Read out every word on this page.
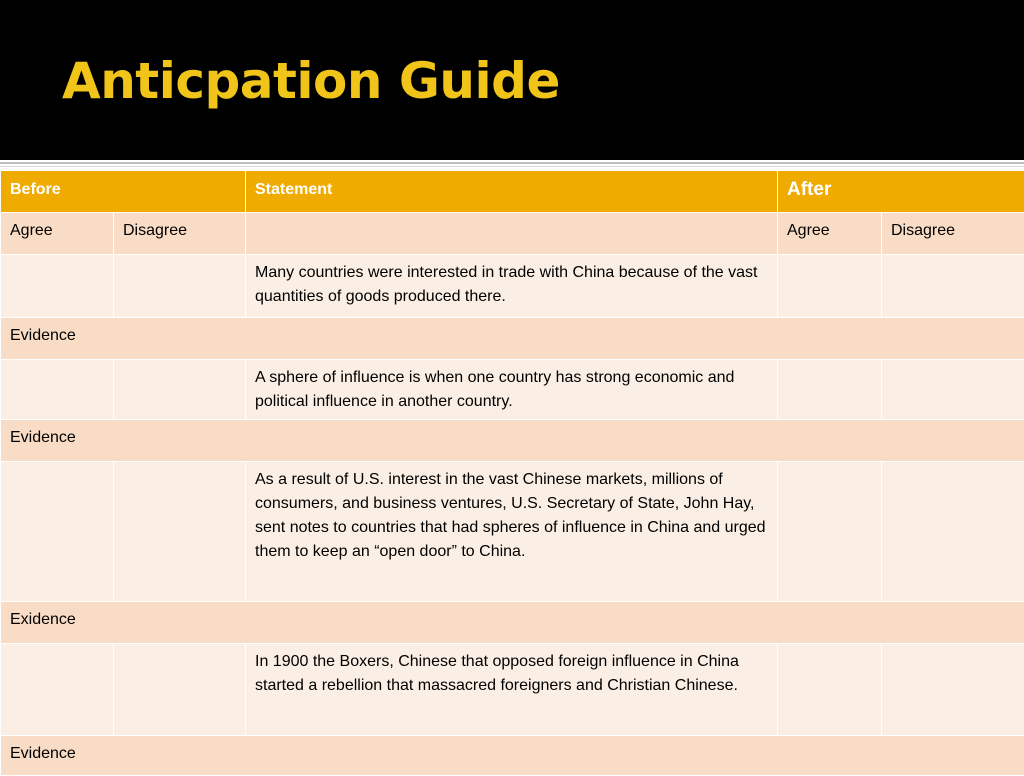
Anticpation Guide
Before		Statement	After	
Agree	Disagree		Agree	Disagree
		Many countries were interested in trade with China because of the vast quantities of goods produced there.		
Evidence				
		A sphere of influence is when one country has strong economic and political influence in another country.		
Evidence				
		As a result of U.S. interest in the vast Chinese markets, millions of consumers, and business ventures, U.S. Secretary of State, John Hay, sent notes to countries that had spheres of influence in China and urged them to keep an “open door” to China.		
Exidence				
		In 1900 the Boxers, Chinese that opposed foreign influence in China started a rebellion that massacred foreigners and Christian Chinese.		
Evidence				
